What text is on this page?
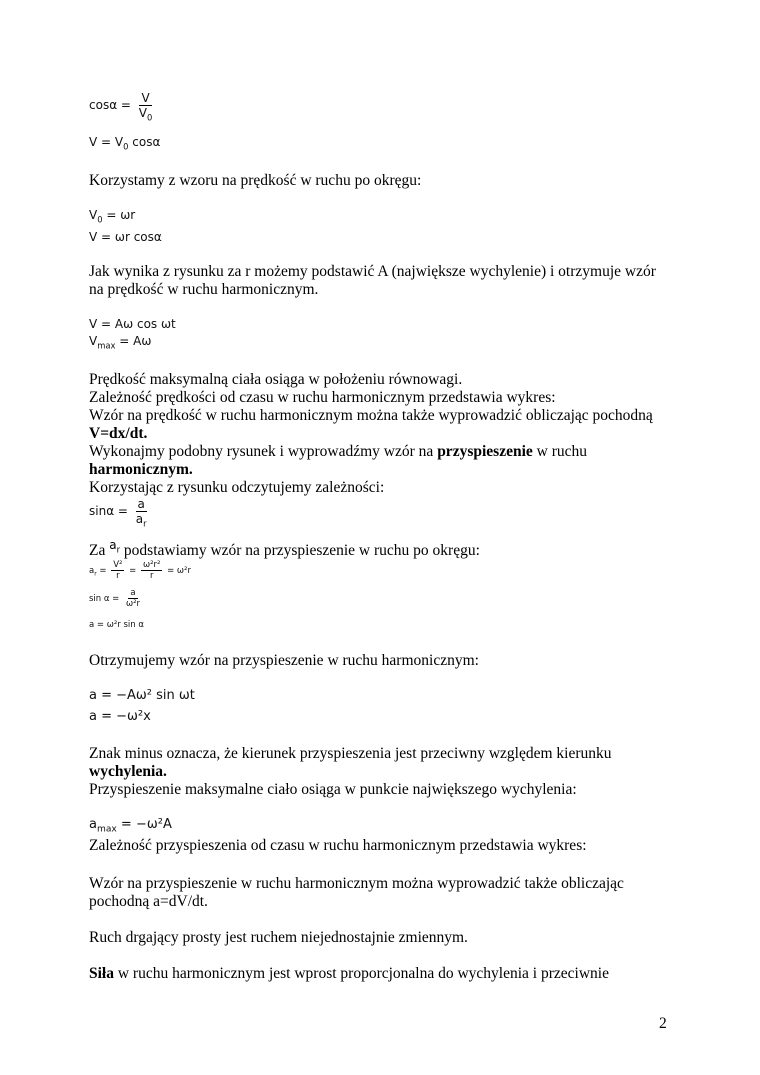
$\cos\alpha = \frac{V}{V_0}$
$V = V_0$ cosα
Korzystamy z wzoru na prędkość w ruchu po okręgu:
$V_0 = \omega r$
V = ωr cosα
Jak wynika z rysunku za r możemy podstawić A (największe wychylenie) i otrzymuje wzór
na prędkość w ruchu harmonicznym.
V = Aω cos ωt
$V_{max} = A\omega$
Prędkość maksymalną ciała osiąga w położeniu równowagi.
Zależność prędkości od czasu w ruchu harmonicznym przedstawia wykres:
Wzór na prędkość w ruchu harmonicznym można także wyprowadzić obliczając pochodną
V=dx/dt.
Wykonajmy podobny rysunek i wyprowadźmy wzór na przyspieszenie w ruchu
harmonicznym.
Korzystając z rysunku odczytujemy zależności:
$\sin\alpha = \frac{a}{a_r}$
Za $^{a_r}$ podstawiamy wzór na przyspieszenie w ruchu po okręgu:
$a_r = \frac{\text{V²}}{r} = \frac{\text{ω²r²}}{r} = \omega^2r$
$\sin \alpha = \frac{a}{\text{ω²r}}$
a = ω²r sin α
Otrzymujemy wzór na przyspieszenie w ruchu harmonicznym:
a = −Aω² sin ωt
a = −ω²x
Znak minus oznacza, że kierunek przyspieszenia jest przeciwny względem kierunku
wychylenia.
Przyspieszenie maksymalne ciało osiąga w punkcie największego wychylenia:
$a_{max} = -\omega^2A$
Zależność przyspieszenia od czasu w ruchu harmonicznym przedstawia wykres:
Wzór na przyspieszenie w ruchu harmonicznym można wyprowadzić także obliczając
pochodną a=dV/dt.
Ruch drgający prosty jest ruchem niejednostajnie zmiennym.
Siła w ruchu harmonicznym jest wprost proporcjonalna do wychylenia i przeciwnie
2
